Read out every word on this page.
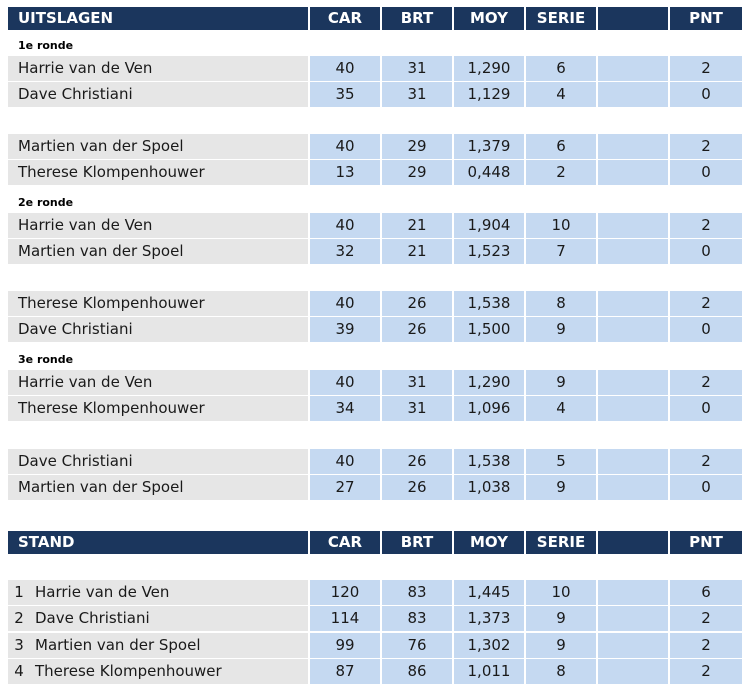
UITSLAGEN	CAR	BRT	MOY	SERIE	PNT
1e ronde
Harrie van de Ven	40	31	1,290	6	2
Dave Christiani	35	31	1,129	4	0
Martien van der Spoel	40	29	1,379	6	2
Therese Klompenhouwer	13	29	0,448	2	0
2e ronde
Harrie van de Ven	40	21	1,904	10	2
Martien van der Spoel	32	21	1,523	7	0
Therese Klompenhouwer	40	26	1,538	8	2
Dave Christiani	39	26	1,500	9	0
3e ronde
Harrie van de Ven	40	31	1,290	9	2
Therese Klompenhouwer	34	31	1,096	4	0
Dave Christiani	40	26	1,538	5	2
Martien van der Spoel	27	26	1,038	9	0
STAND	CAR	BRT	MOY	SERIE	PNT
1 Harrie van de Ven	120	83	1,445	10	6
2 Dave Christiani	114	83	1,373	9	2
3 Martien van der Spoel	99	76	1,302	9	2
4 Therese Klompenhouwer	87	86	1,011	8	2
